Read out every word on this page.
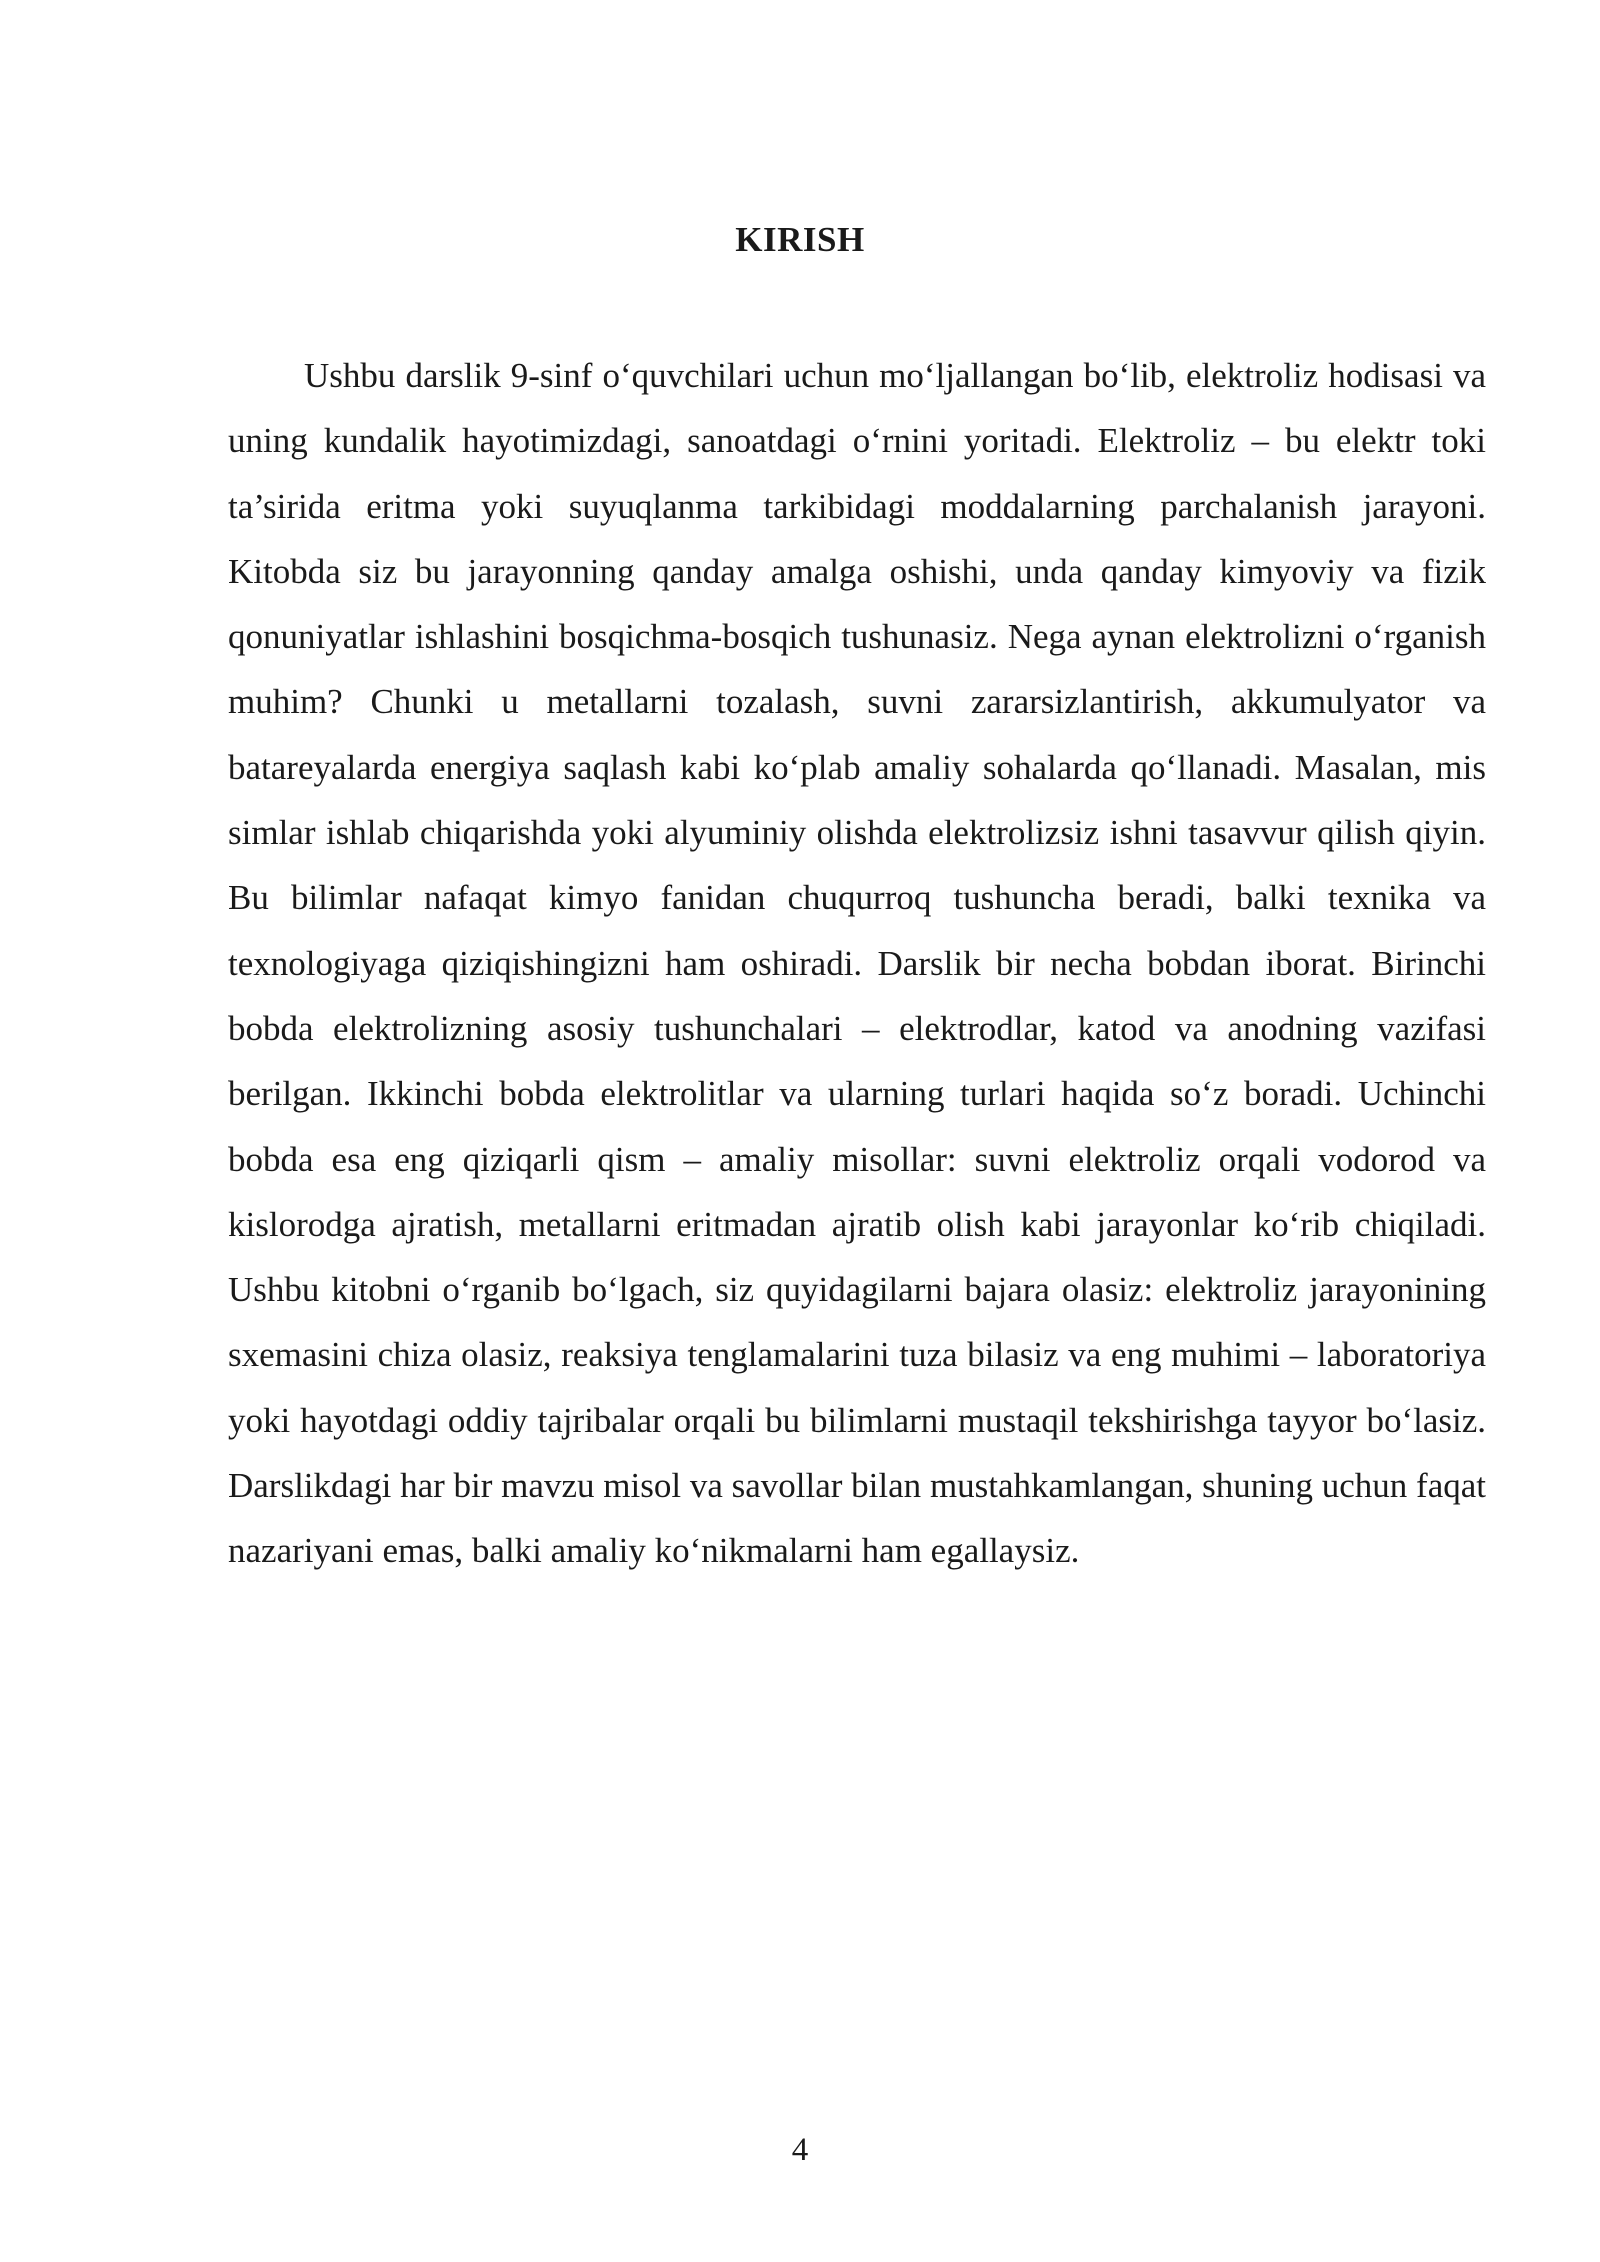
KIRISH

Ushbu darslik 9-sinf o‘quvchilari uchun mo‘ljallangan bo‘lib, elektroliz hodisasi va uning kundalik hayotimizdagi, sanoatdagi o‘rnini yoritadi. Elektroliz – bu elektr toki ta’sirida eritma yoki suyuqlanma tarkibidagi moddalarning parchalanish jarayoni. Kitobda siz bu jarayonning qanday amalga oshishi, unda qanday kimyoviy va fizik qonuniyatlar ishlashini bosqichma-bosqich tushunasiz. Nega aynan elektrolizni o‘rganish muhim? Chunki u metallarni tozalash, suvni zararsizlantirish, akkumulyator va batareyalarda energiya saqlash kabi ko‘plab amaliy sohalarda qo‘llanadi. Masalan, mis simlar ishlab chiqarishda yoki alyuminiy olishda elektrolizsiz ishni tasavvur qilish qiyin. Bu bilimlar nafaqat kimyo fanidan chuqurroq tushuncha beradi, balki texnika va texnologiyaga qiziqishingizni ham oshiradi. Darslik bir necha bobdan iborat. Birinchi bobda elektrolizning asosiy tushunchalari – elektrodlar, katod va anodning vazifasi berilgan. Ikkinchi bobda elektrolitlar va ularning turlari haqida so‘z boradi. Uchinchi bobda esa eng qiziqarli qism – amaliy misollar: suvni elektroliz orqali vodorod va kislorodga ajratish, metallarni eritmadan ajratib olish kabi jarayonlar ko‘rib chiqiladi. Ushbu kitobni o‘rganib bo‘lgach, siz quyidagilarni bajara olasiz: elektroliz jarayonining sxemasini chiza olasiz, reaksiya tenglamalarini tuza bilasiz va eng muhimi – laboratoriya yoki hayotdagi oddiy tajribalar orqali bu bilimlarni mustaqil tekshirishga tayyor bo‘lasiz. Darslikdagi har bir mavzu misol va savollar bilan mustahkamlangan, shuning uchun faqat nazariyani emas, balki amaliy ko‘nikmalarni ham egallaysiz.

4
